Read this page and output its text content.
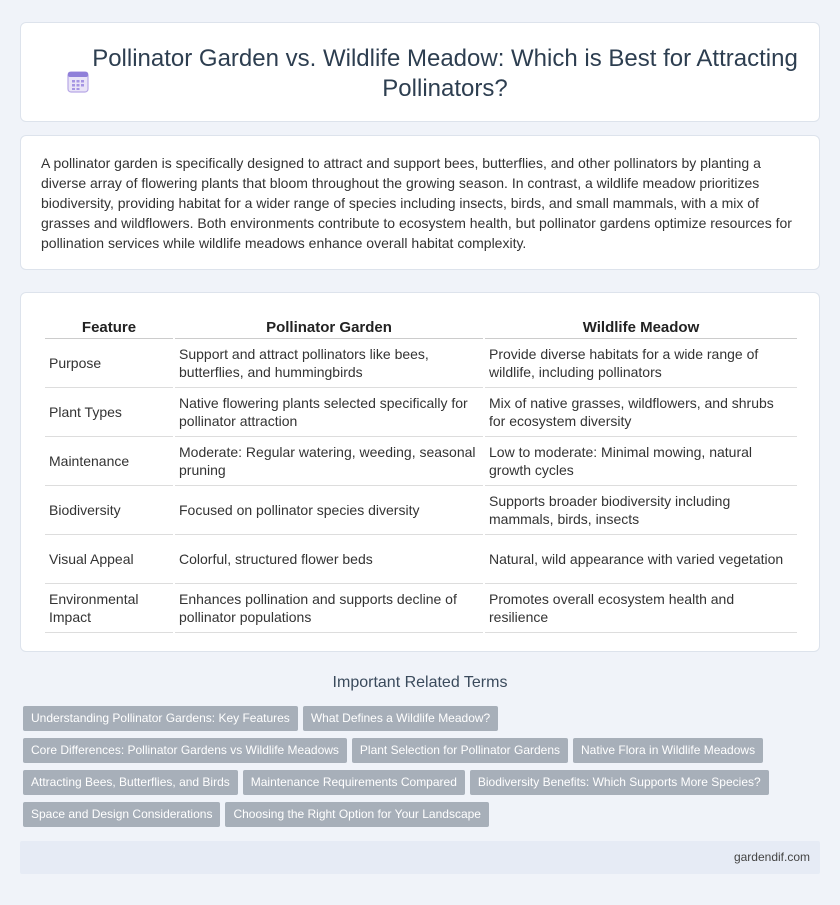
Pollinator Garden vs. Wildlife Meadow: Which is Best for Attracting Pollinators?

A pollinator garden is specifically designed to attract and support bees, butterflies, and other pollinators by planting a diverse array of flowering plants that bloom throughout the growing season. In contrast, a wildlife meadow prioritizes biodiversity, providing habitat for a wider range of species including insects, birds, and small mammals, with a mix of grasses and wildflowers. Both environments contribute to ecosystem health, but pollinator gardens optimize resources for pollination services while wildlife meadows enhance overall habitat complexity.

Feature	Pollinator Garden	Wildlife Meadow
Purpose	Support and attract pollinators like bees, butterflies, and hummingbirds	Provide diverse habitats for a wide range of wildlife, including pollinators
Plant Types	Native flowering plants selected specifically for pollinator attraction	Mix of native grasses, wildflowers, and shrubs for ecosystem diversity
Maintenance	Moderate: Regular watering, weeding, seasonal pruning	Low to moderate: Minimal mowing, natural growth cycles
Biodiversity	Focused on pollinator species diversity	Supports broader biodiversity including mammals, birds, insects
Visual Appeal	Colorful, structured flower beds	Natural, wild appearance with varied vegetation
Environmental Impact	Enhances pollination and supports decline of pollinator populations	Promotes overall ecosystem health and resilience
Important Related Terms
Understanding Pollinator Gardens: Key Features What Defines a Wildlife Meadow?
Core Differences: Pollinator Gardens vs Wildlife Meadows Plant Selection for Pollinator Gardens Native Flora in Wildlife Meadows
Attracting Bees, Butterflies, and Birds Maintenance Requirements Compared Biodiversity Benefits: Which Supports More Species?
Space and Design Considerations Choosing the Right Option for Your Landscape
gardendif.com
